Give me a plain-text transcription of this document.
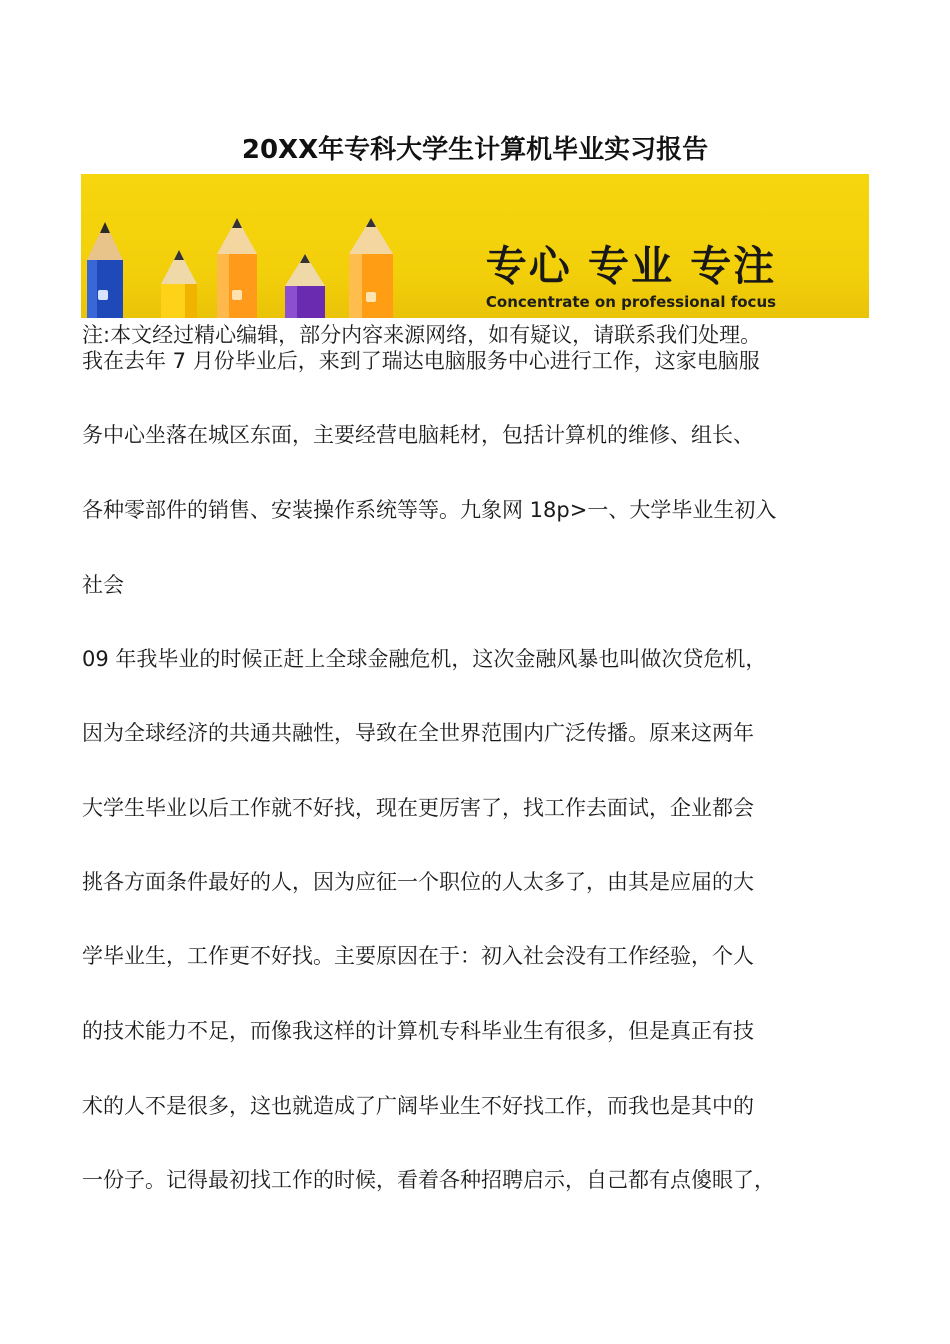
20XX年专科大学生计算机毕业实习报告
专心 专业 专注
Concentrate on professional focus
注:本文经过精心编辑，部分内容来源网络，如有疑议，请联系我们处理。
我在去年 7 月份毕业后，来到了瑞达电脑服务中心进行工作，这家电脑服
务中心坐落在城区东面，主要经营电脑耗材，包括计算机的维修、组长、
各种零部件的销售、安装操作系统等等。九象网 18p>一、大学毕业生初入
社会
09 年我毕业的时候正赶上全球金融危机，这次金融风暴也叫做次贷危机，
因为全球经济的共通共融性，导致在全世界范围内广泛传播。原来这两年
大学生毕业以后工作就不好找，现在更厉害了，找工作去面试，企业都会
挑各方面条件最好的人，因为应征一个职位的人太多了，由其是应届的大
学毕业生，工作更不好找。主要原因在于：初入社会没有工作经验，个人
的技术能力不足，而像我这样的计算机专科毕业生有很多，但是真正有技
术的人不是很多，这也就造成了广阔毕业生不好找工作，而我也是其中的
一份子。记得最初找工作的时候，看着各种招聘启示，自己都有点傻眼了，
